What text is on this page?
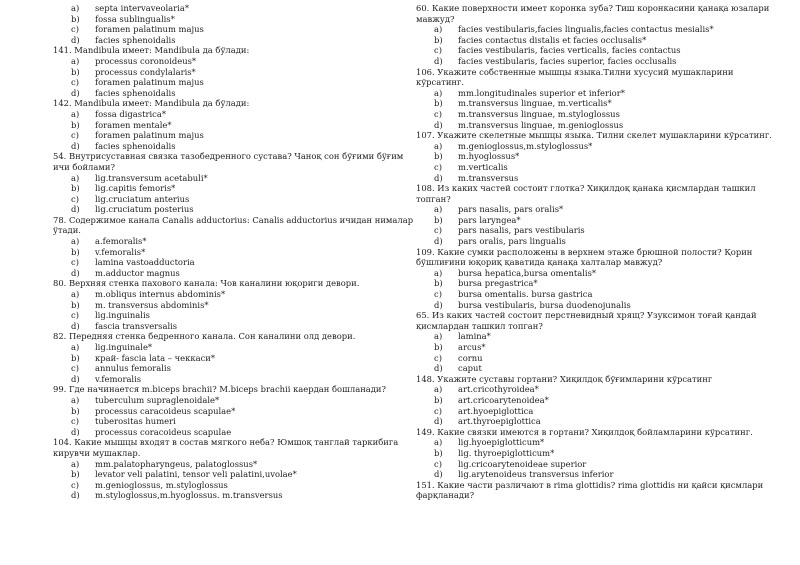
a) septa intervaveolaria*
b) fossa sublingualis*
c) foramen palatinum majus
d) facies sphenoidalis
141. Mandibula имеет: Mandibula да бўлади:
a) processus coronoideus*
b) processus condylalaris*
c) foramen palatinum majus
d) facies sphenoidalis
142. Mandibula имеет: Mandibula да бўлади:
a) fossa digastrica*
b) foramen mentale*
c) foramen palatinum majus
d) facies sphenoidalis
54. Внутрисуставная связка тазобедренного сустава? Чаноқ сон бўғими бўғим
ичи бойлами?
a) lig.transversum acetabuli*
b) lig.capitis femoris*
c) lig.cruciatum anterius
d) lig.cruciatum posterius
78. Содержимое канала Canalis adductorius: Canalis adductorius ичидан нималар
ўтади.
a) a.femoralis*
b) v.femoralis*
c) lamina vastoadductoria
d) m.adductor magnus
80. Верхняя стенка пахового канала: Чов каналини юқориги девори.
a) m.obliqus internus abdominis*
b) m. transversus abdominis*
c) lig.inguinalis
d) fascia transversalis
82. Передняя стенка бедренного канала. Сон каналини олд девори.
a) lig.inguinale*
b) край- fascia lata – чеккаси*
c) annulus femoralis
d) v.femoralis
99. Где начинается m.biceps brachii? M.biceps brachii каердан бошланади?
a) tuberculum supraglenoidale*
b) processus caracoideus scapulae*
c) tuberositas humeri
d) processus coracoideus scapulae
104. Какие мышцы входят в состав мягкого неба? Юмшоқ танглай таркибига
кирувчи мушаклар.
a) mm.palatopharyngeus, palatoglossus*
b) levator veli palatini, tensor veli palatini,uvolae*
c) m.genioglossus, m.styloglossus
d) m.styloglossus,m.hyoglossus. m.transversus
60. Какие поверхности имеет коронка зуба? Тиш коронкасини қанақа юзалари
мавжуд?
a) facies vestibularis,facies lingualis,facies contactus mesialis*
b) facies contactus distalis et facies occlusalis*
c) facies vestibularis, facies verticalis, facies contactus
d) facies vestibularis, facies superior, facies occlusalis
106. Укажите собственные мышцы языка.Тилни хусусий мушакларини
кўрсатинг.
a) mm.longitudinales superior et inferior*
b) m.transversus linguae, m.verticalis*
c) m.transversus linguae, m.styloglossus
d) m.transversus linguae, m.genioglossus
107. Укажите скелетные мышцы языка. Тилни скелет мушакларини кўрсатинг.
a) m.genioglossus,m.styloglossus*
b) m.hyoglossus*
c) m.verticalis
d) m.transversus
108. Из каких частей состоит глотка? Хиқилдоқ қанака қисмлардан ташкил
топган?
a) pars nasalis, pars oralis*
b) pars laryngea*
c) pars nasalis, pars vestibularis
d) pars oralis, pars lingualis
109. Какие сумки расположены в верхнем этаже брюшной полости? Қорин
бўшлиғини юқориқ қаватида қанақа халталар мавжуд?
a) bursa hepatica,bursa omentalis*
b) bursa pregastrica*
c) bursa omentalis. bursa gastrica
d) bursa vestibularis, bursa duodenojunalis
65. Из каких частей состоит перстневидный хрящ? Узуксимон тоғай қандай
қисмлардан ташкил топган?
a) lamina*
b) arcus*
c) cornu
d) caput
148. Укажите суставы гортани? Хиқилдоқ бўғимларини кўрсатинг
a) art.cricothyroidea*
b) art.cricoarytenoidea*
c) art.hyoepiglottica
d) art.thyroepiglottica
149. Какие связки имеются в гортани? Хиқилдоқ бойламларини кўрсатинг.
a) lig.hyoepiglotticum*
b) lig. thyroepiglotticum*
c) lig.cricoarytenoideae superior
d) lig.arytenoideus transversus inferior
151. Какие части различают в rima glottidis? rima glottidis ни қайси қисмлари
фарқланади?
